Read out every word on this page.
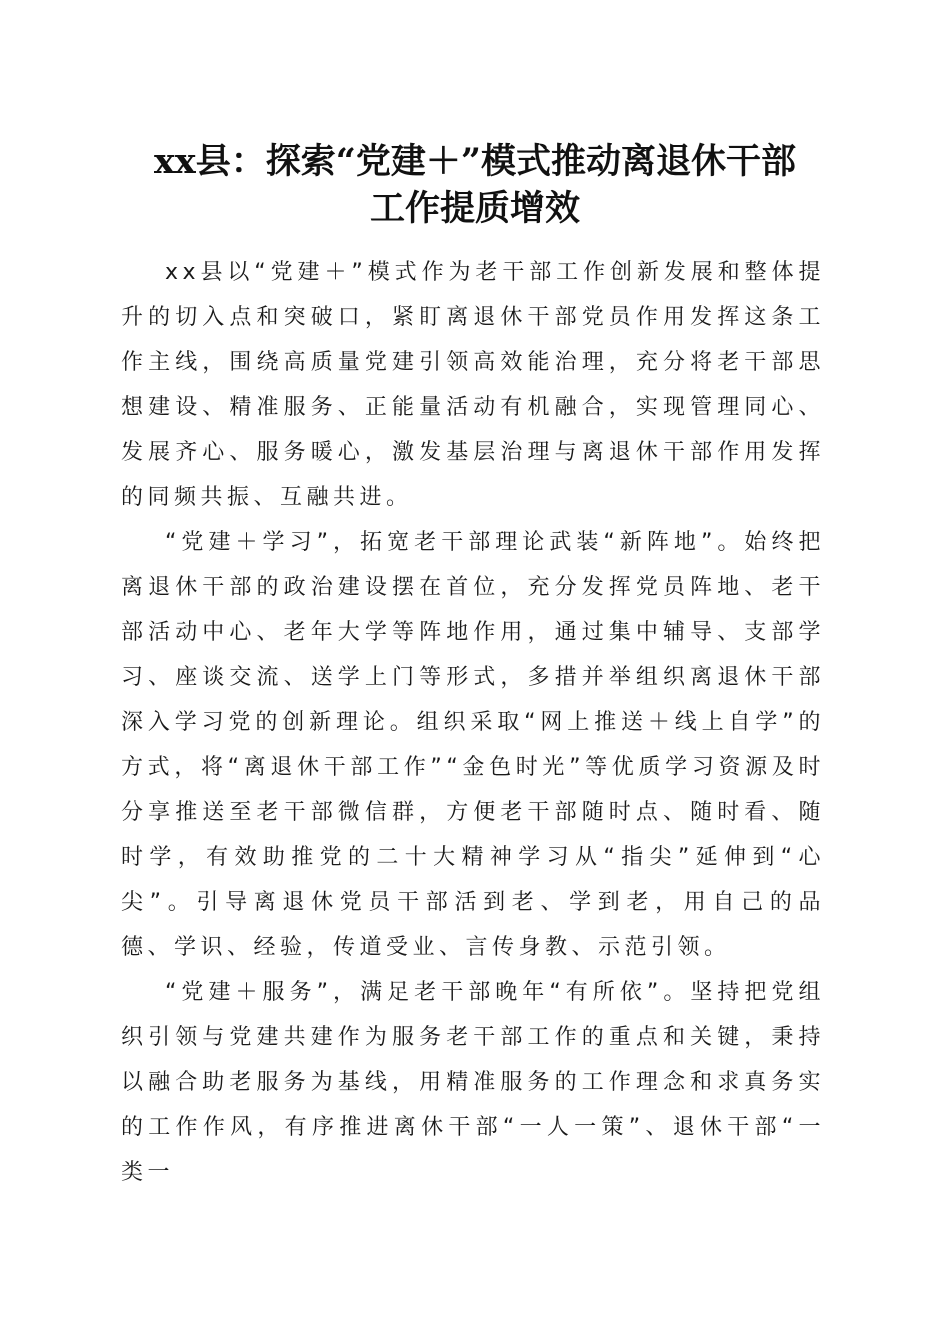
xx县：探索“党建＋”模式推动离退休干部
工作提质增效

xx县以“党建＋”模式作为老干部工作创新发展和整体提升的切入点和突破口，紧盯离退休干部党员作用发挥这条工作主线，围绕高质量党建引领高效能治理，充分将老干部思想建设、精准服务、正能量活动有机融合，实现管理同心、发展齐心、服务暖心，激发基层治理与离退休干部作用发挥的同频共振、互融共进。

“党建＋学习”，拓宽老干部理论武装“新阵地”。始终把离退休干部的政治建设摆在首位，充分发挥党员阵地、老干部活动中心、老年大学等阵地作用，通过集中辅导、支部学习、座谈交流、送学上门等形式，多措并举组织离退休干部深入学习党的创新理论。组织采取“网上推送＋线上自学”的方式，将“离退休干部工作”“金色时光”等优质学习资源及时分享推送至老干部微信群，方便老干部随时点、随时看、随时学，有效助推党的二十大精神学习从“指尖”延伸到“心尖”。引导离退休党员干部活到老、学到老，用自己的品德、学识、经验，传道受业、言传身教、示范引领。

“党建＋服务”，满足老干部晚年“有所依”。坚持把党组织引领与党建共建作为服务老干部工作的重点和关键，秉持以融合助老服务为基线，用精准服务的工作理念和求真务实的工作作风，有序推进离休干部“一人一策”、退休干部“一类一
